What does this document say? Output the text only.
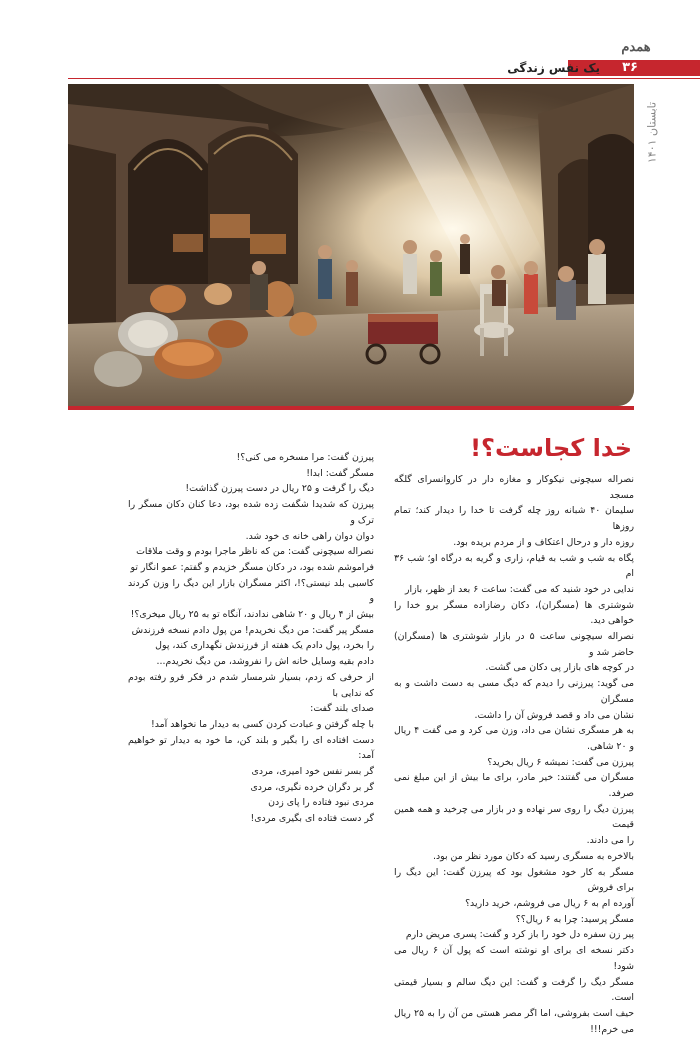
همدم
۳۶
یک نفس زندگی
تابستان ۱۴۰۱
خدا کجاست؟!

نصراله سیچونی نیکوکار و مغازه دار در کاروانسرای گلگه مسجد

سلیمان ۴۰ شبانه روز چله گرفت تا خدا را دیدار کند؛ تمام روزها

روزه دار و درحال اعتکاف و از مردم بریده بود.

پگاه به شب و شب به قیام، زاری و گریه به درگاه او؛ شب ۳۶ ام

ندایی در خود شنید که می گفت: ساعت ۶ بعد از ظهر، بازار

شوشتری ها (مسگران)، دکان رضازاده مسگر برو خدا را خواهی دید.

نصراله سیچونی ساعت ۵ در بازار شوشتری ها (مسگران) حاضر شد و

در کوچه های بازار پی دکان می گشت.

می گوید: پیرزنی را دیدم که دیگ مسی به دست داشت و به مسگران

نشان می داد و قصد فروش آن را داشت.

به هر مسگری نشان می داد، وزن می کرد و می گفت ۴ ریال و ۲۰ شاهی.

پیرزن می گفت: نمیشه ۶ ریال بخرید؟

مسگران می گفتند: خیر مادر، برای ما بیش از این مبلغ نمی صرفد.

پیرزن دیگ را روی سر نهاده و در بازار می چرخید و همه همین قیمت

را می دادند.

بالاخره به مسگری رسید که دکان مورد نظر من بود.

مسگر به کار خود مشغول بود که پیرزن گفت: این دیگ را برای فروش

آورده ام به ۶ ریال می فروشم، خرید دارید؟

مسگر پرسید: چرا به ۶ ریال؟؟

پیر زن سفره دل خود را باز کرد و گفت: پسری مریض دارم

دکتر نسخه ای برای او نوشته است که پول آن ۶ ریال می شود!

مسگر دیگ را گرفت و گفت: این دیگ سالم و بسیار قیمتی است.

حیف است بفروشی، اما اگر مصر هستی من آن را به ۲۵ ریال می خرم!!!

پیرزن گفت: مرا مسخره می کنی؟!

مسگر گفت: ابدا!

دیگ را گرفت و ۲۵ ریال در دست پیرزن گذاشت!

پیرزن که شدیدا شگفت زده شده بود، دعا کنان دکان مسگر را ترک و

دوان دوان راهی خانه ی خود شد.

نصراله سیچونی گفت: من که ناظر ماجرا بودم و وقت ملاقات

فراموشم شده بود، در دکان مسگر خزیدم و گفتم: عمو انگار تو

کاسبی بلد نیستی؟!، اکثر مسگران بازار این دیگ را وزن کردند و

بیش از ۴ ریال و ۲۰ شاهی ندادند، آنگاه تو به ۲۵ ریال میخری؟!

مسگر پیر گفت: من دیگ نخریدم! من پول دادم نسخه فرزندش

را بخرد، پول دادم یک هفته از فرزندش نگهداری کند، پول

دادم بقیه وسایل خانه اش را نفروشد، من دیگ نخریدم...

از حرفی که زدم، بسیار شرمسار شدم در فکر فرو رفته بودم که ندایی با

صدای بلند گفت:

با چله گرفتن و عبادت کردن کسی به دیدار ما نخواهد آمد!

دست افتاده ای را بگیر و بلند کن، ما خود به دیدار تو خواهیم آمد:

گر بسر نفس خود امیری، مردی

گر بر دگران خرده نگیری، مردی

مردی نبود فتاده را پای زدن

گر دست فتاده ای بگیری مردی!
